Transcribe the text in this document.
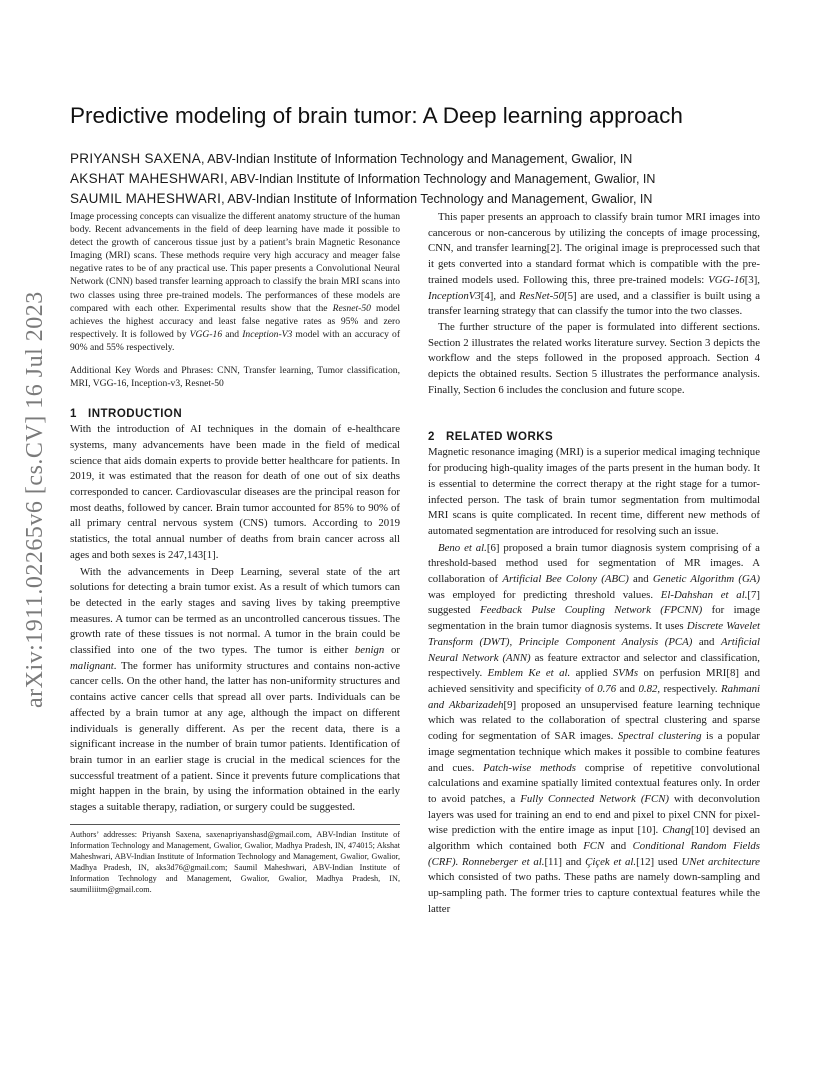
arXiv:1911.02265v6 [cs.CV] 16 Jul 2023
Predictive modeling of brain tumor: A Deep learning approach
PRIYANSH SAXENA, ABV-Indian Institute of Information Technology and Management, Gwalior, IN
AKSHAT MAHESHWARI, ABV-Indian Institute of Information Technology and Management, Gwalior, IN
SAUMIL MAHESHWARI, ABV-Indian Institute of Information Technology and Management, Gwalior, IN

Image processing concepts can visualize the different anatomy structure of the human body. Recent advancements in the field of deep learning have made it possible to detect the growth of cancerous tissue just by a patient’s brain Magnetic Resonance Imaging (MRI) scans. These methods require very high accuracy and meager false negative rates to be of any practical use. This paper presents a Convolutional Neural Network (CNN) based transfer learning approach to classify the brain MRI scans into two classes using three pre-trained models. The performances of these models are compared with each other. Experimental results show that the Resnet-50 model achieves the highest accuracy and least false negative rates as 95% and zero respectively. It is followed by VGG-16 and Inception-V3 model with an accuracy of 90% and 55% respectively.

Additional Key Words and Phrases: CNN, Transfer learning, Tumor classification, MRI, VGG-16, Inception-v3, Resnet-50

1 INTRODUCTION

With the introduction of AI techniques in the domain of e-healthcare systems, many advancements have been made in the field of medical science that aids domain experts to provide better healthcare for patients. In 2019, it was estimated that the reason for death of one out of six deaths corresponded to cancer. Cardiovascular diseases are the principal reason for most deaths, followed by cancer. Brain tumor accounted for 85% to 90% of all primary central nervous system (CNS) tumors. According to 2019 statistics, the total annual number of deaths from brain cancer across all ages and both sexes is 247,143[1].

With the advancements in Deep Learning, several state of the art solutions for detecting a brain tumor exist. As a result of which tumors can be detected in the early stages and saving lives by taking preemptive measures. A tumor can be termed as an uncontrolled cancerous tissues. The growth rate of these tissues is not normal. A tumor in the brain could be classified into one of the two types. The tumor is either benign or malignant. The former has uniformity structures and contains non-active cancer cells. On the other hand, the latter has non-uniformity structures and contains active cancer cells that spread all over parts. Individuals can be affected by a brain tumor at any age, although the impact on different individuals is generally different. As per the recent data, there is a significant increase in the number of brain tumor patients. Identification of brain tumor in an earlier stage is crucial in the medical sciences for the successful treatment of a patient. Since it prevents future complications that might happen in the brain, by using the information obtained in the early stages a suitable therapy, radiation, or surgery could be suggested.

Authors’ addresses: Priyansh Saxena, saxenapriyanshasd@gmail.com, ABV-Indian Institute of Information Technology and Management, Gwalior, Gwalior, Madhya Pradesh, IN, 474015; Akshat Maheshwari, ABV-Indian Institute of Information Technology and Management, Gwalior, Gwalior, Madhya Pradesh, IN, aks3d76@gmail.com; Saumil Maheshwari, ABV-Indian Institute of Information Technology and Management, Gwalior, Gwalior, Madhya Pradesh, IN, saumiliiitm@gmail.com.

This paper presents an approach to classify brain tumor MRI images into cancerous or non-cancerous by utilizing the concepts of image processing, CNN, and transfer learning[2]. The original image is preprocessed such that it gets converted into a standard format which is compatible with the pre-trained models used. Following this, three pre-trained models: VGG-16[3], InceptionV3[4], and ResNet-50[5] are used, and a classifier is built using a transfer learning strategy that can classify the tumor into the two classes.

The further structure of the paper is formulated into different sections. Section 2 illustrates the related works literature survey. Section 3 depicts the workflow and the steps followed in the proposed approach. Section 4 depicts the obtained results. Section 5 illustrates the performance analysis. Finally, Section 6 includes the conclusion and future scope.

2 RELATED WORKS

Magnetic resonance imaging (MRI) is a superior medical imaging technique for producing high-quality images of the parts present in the human body. It is essential to determine the correct therapy at the right stage for a tumor-infected person. The task of brain tumor segmentation from multimodal MRI scans is quite complicated. In recent time, different new methods of automated segmentation are introduced for resolving such an issue.

Beno et al.[6] proposed a brain tumor diagnosis system comprising of a threshold-based method used for segmentation of MR images. A collaboration of Artificial Bee Colony (ABC) and Genetic Algorithm (GA) was employed for predicting threshold values. El-Dahshan et al.[7] suggested Feedback Pulse Coupling Network (FPCNN) for image segmentation in the brain tumor diagnosis systems. It uses Discrete Wavelet Transform (DWT), Principle Component Analysis (PCA) and Artificial Neural Network (ANN) as feature extractor and selector and classification, respectively. Emblem Ke et al. applied SVMs on perfusion MRI[8] and achieved sensitivity and specificity of 0.76 and 0.82, respectively. Rahmani and Akbarizadeh[9] proposed an unsupervised feature learning technique which was related to the collaboration of spectral clustering and sparse coding for segmentation of SAR images. Spectral clustering is a popular image segmentation technique which makes it possible to combine features and cues. Patch-wise methods comprise of repetitive convolutional calculations and examine spatially limited contextual features only. In order to avoid patches, a Fully Connected Network (FCN) with deconvolution layers was used for training an end to end and pixel to pixel CNN for pixel-wise prediction with the entire image as input [10]. Chang[10] devised an algorithm which contained both FCN and Conditional Random Fields (CRF). Ronneberger et al.[11] and Çiçek et al.[12] used UNet architecture which consisted of two paths. These paths are namely down-sampling and up-sampling path. The former tries to capture contextual features while the latter
